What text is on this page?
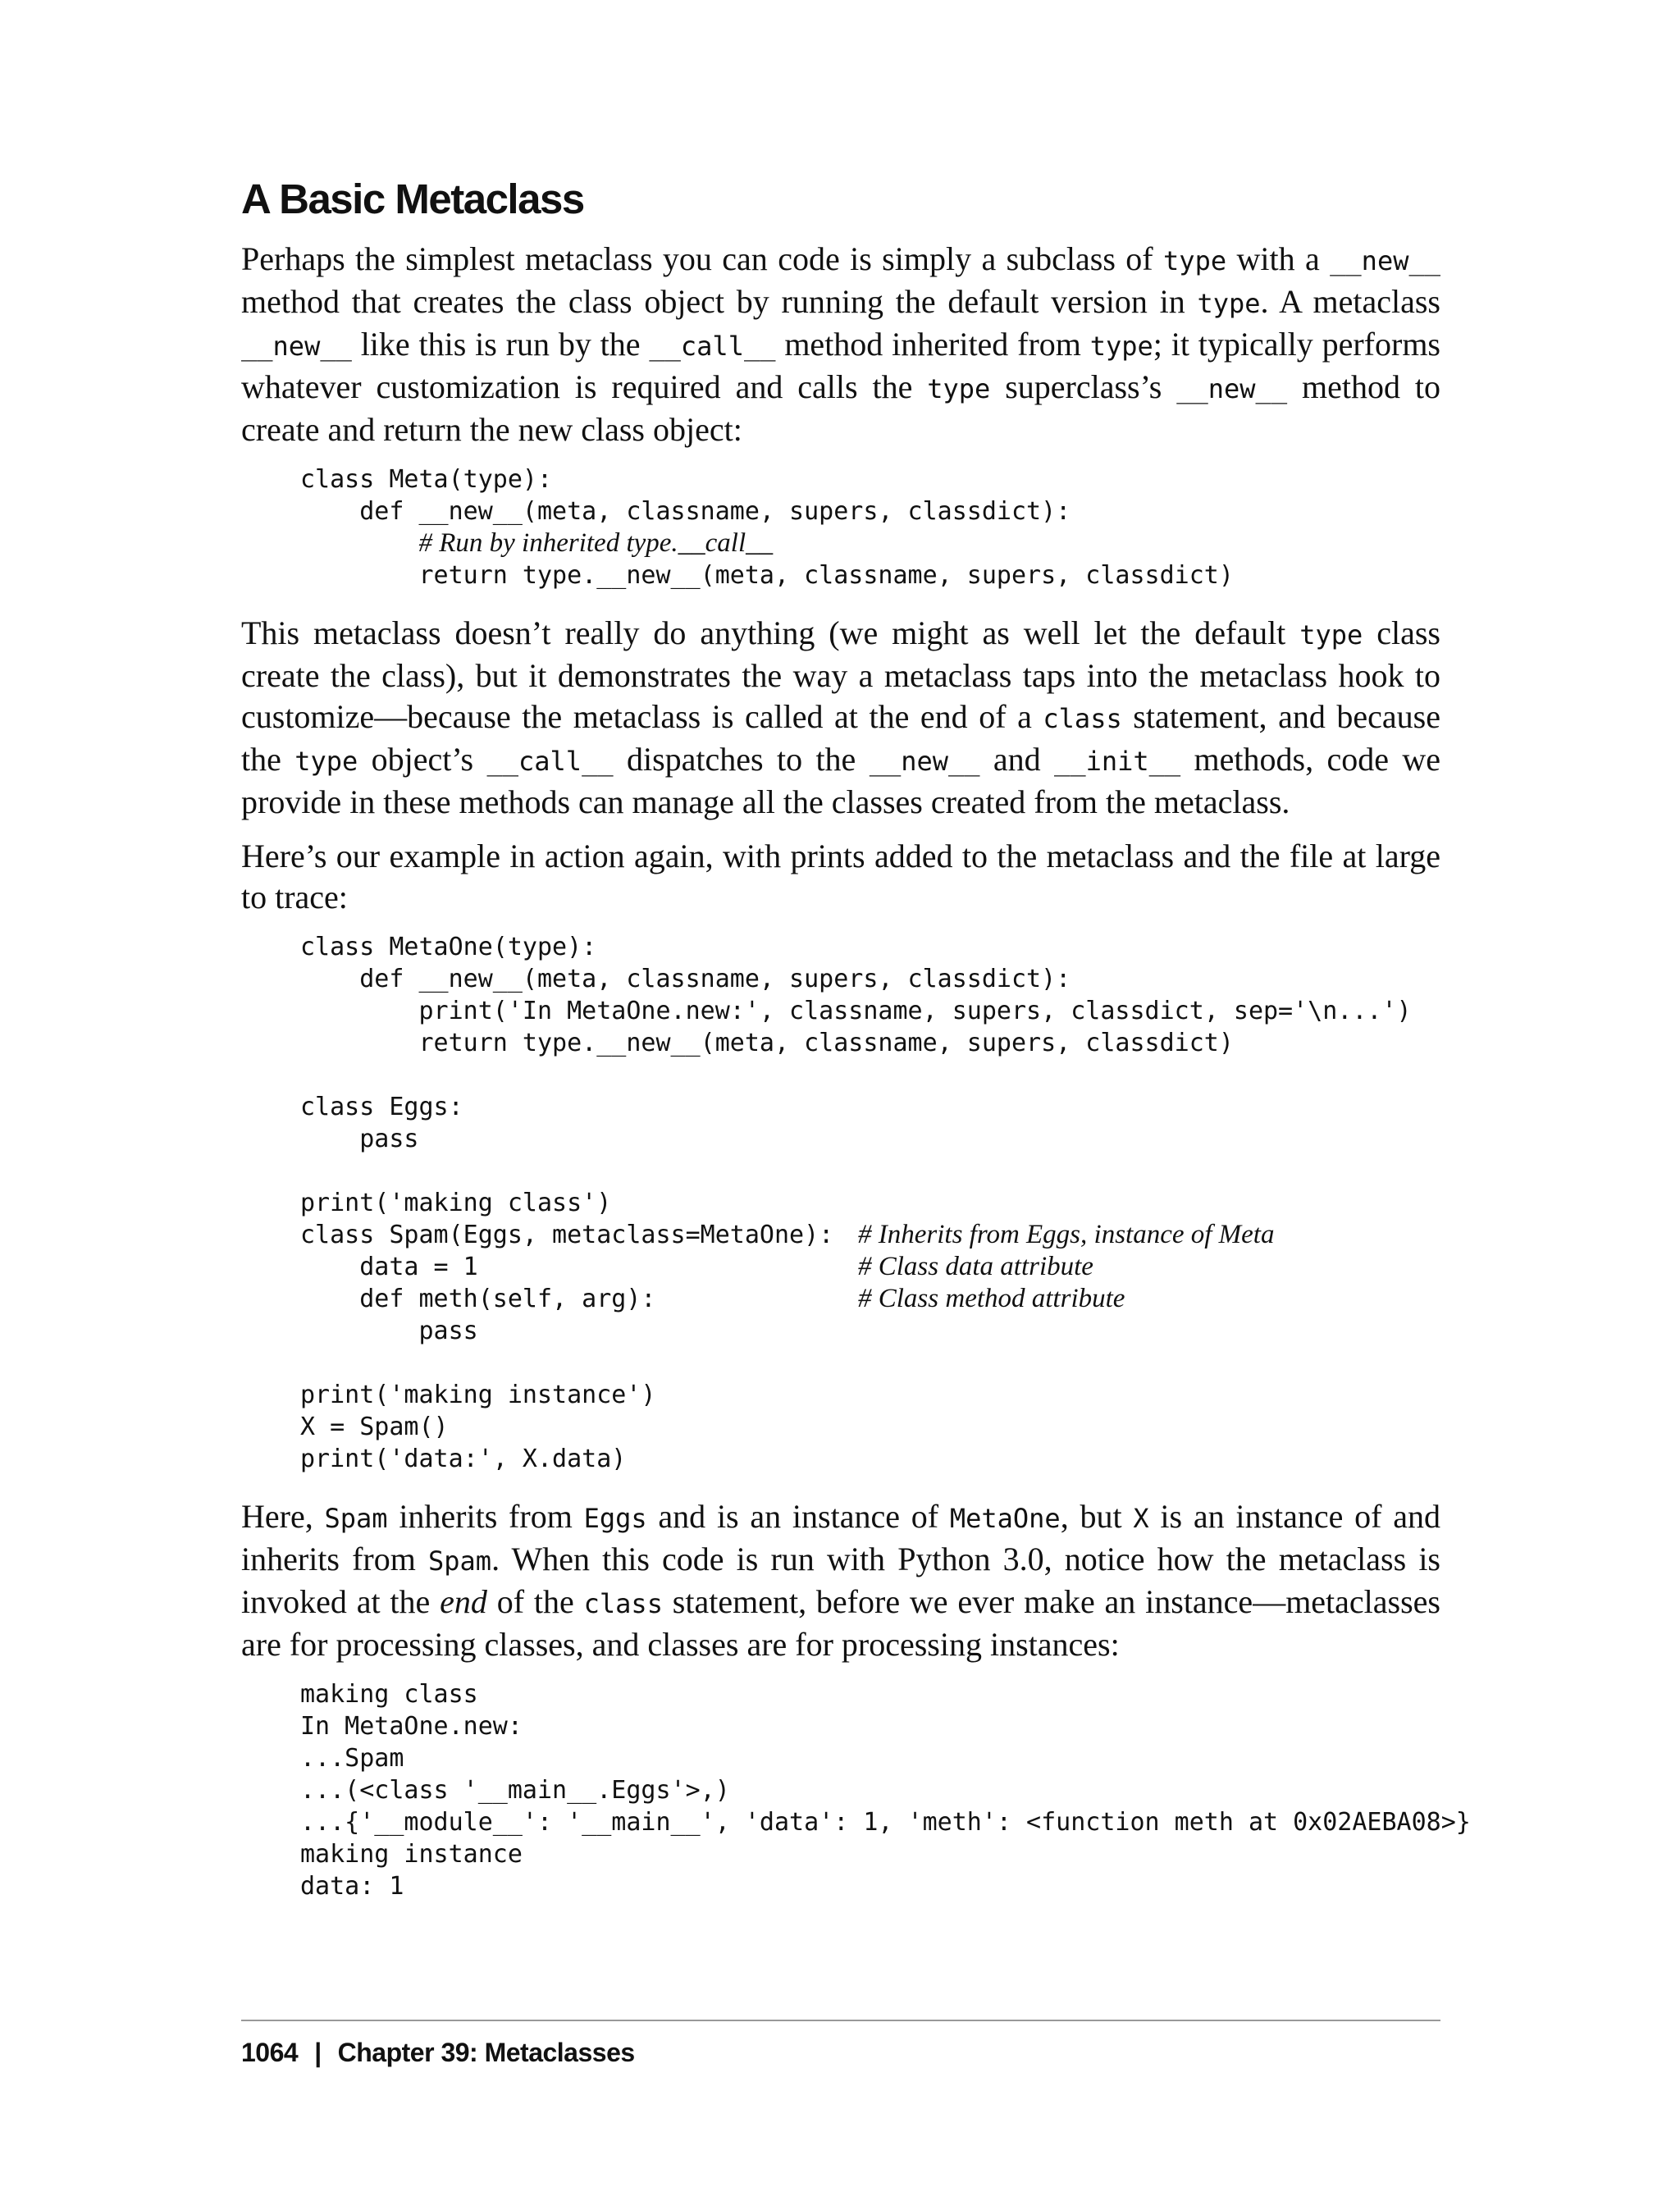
A Basic Metaclass

Perhaps the simplest metaclass you can code is simply a subclass of type with a __new__ method that creates the class object by running the default version in type. A metaclass __new__ like this is run by the __call__ method inherited from type; it typically performs whatever customization is required and calls the type superclass’s __new__ method to create and return the new class object:

class Meta(type):
def __new__(meta, classname, supers, classdict):
# Run by inherited type.__call__
return type.__new__(meta, classname, supers, classdict)

This metaclass doesn’t really do anything (we might as well let the default type class create the class), but it demonstrates the way a metaclass taps into the metaclass hook to customize—because the metaclass is called at the end of a class statement, and because the type object’s __call__ dispatches to the __new__ and __init__ methods, code we provide in these methods can manage all the classes created from the metaclass.

Here’s our example in action again, with prints added to the metaclass and the file at large to trace:

class MetaOne(type):
def __new__(meta, classname, supers, classdict):
print('In MetaOne.new:', classname, supers, classdict, sep='\n...')
return type.__new__(meta, classname, supers, classdict)
class Eggs:
pass
print('making class')
class Spam(Eggs, metaclass=MetaOne): # Inherits from Eggs, instance of Meta
data = 1	# Class data attribute
def meth(self, arg):	# Class method attribute
pass
print('making instance')
X = Spam()
print('data:', X.data)

Here, Spam inherits from Eggs and is an instance of MetaOne, but X is an instance of and inherits from Spam. When this code is run with Python 3.0, notice how the metaclass is invoked at the end of the class statement, before we ever make an instance—metaclasses are for processing classes, and classes are for processing instances:

making class
In MetaOne.new:
...Spam
...(<class '__main__.Eggs'>,)
...{'__module__': '__main__', 'data': 1, 'meth': <function meth at 0x02AEBA08>}
making instance
data: 1
1064 | Chapter 39: Metaclasses
